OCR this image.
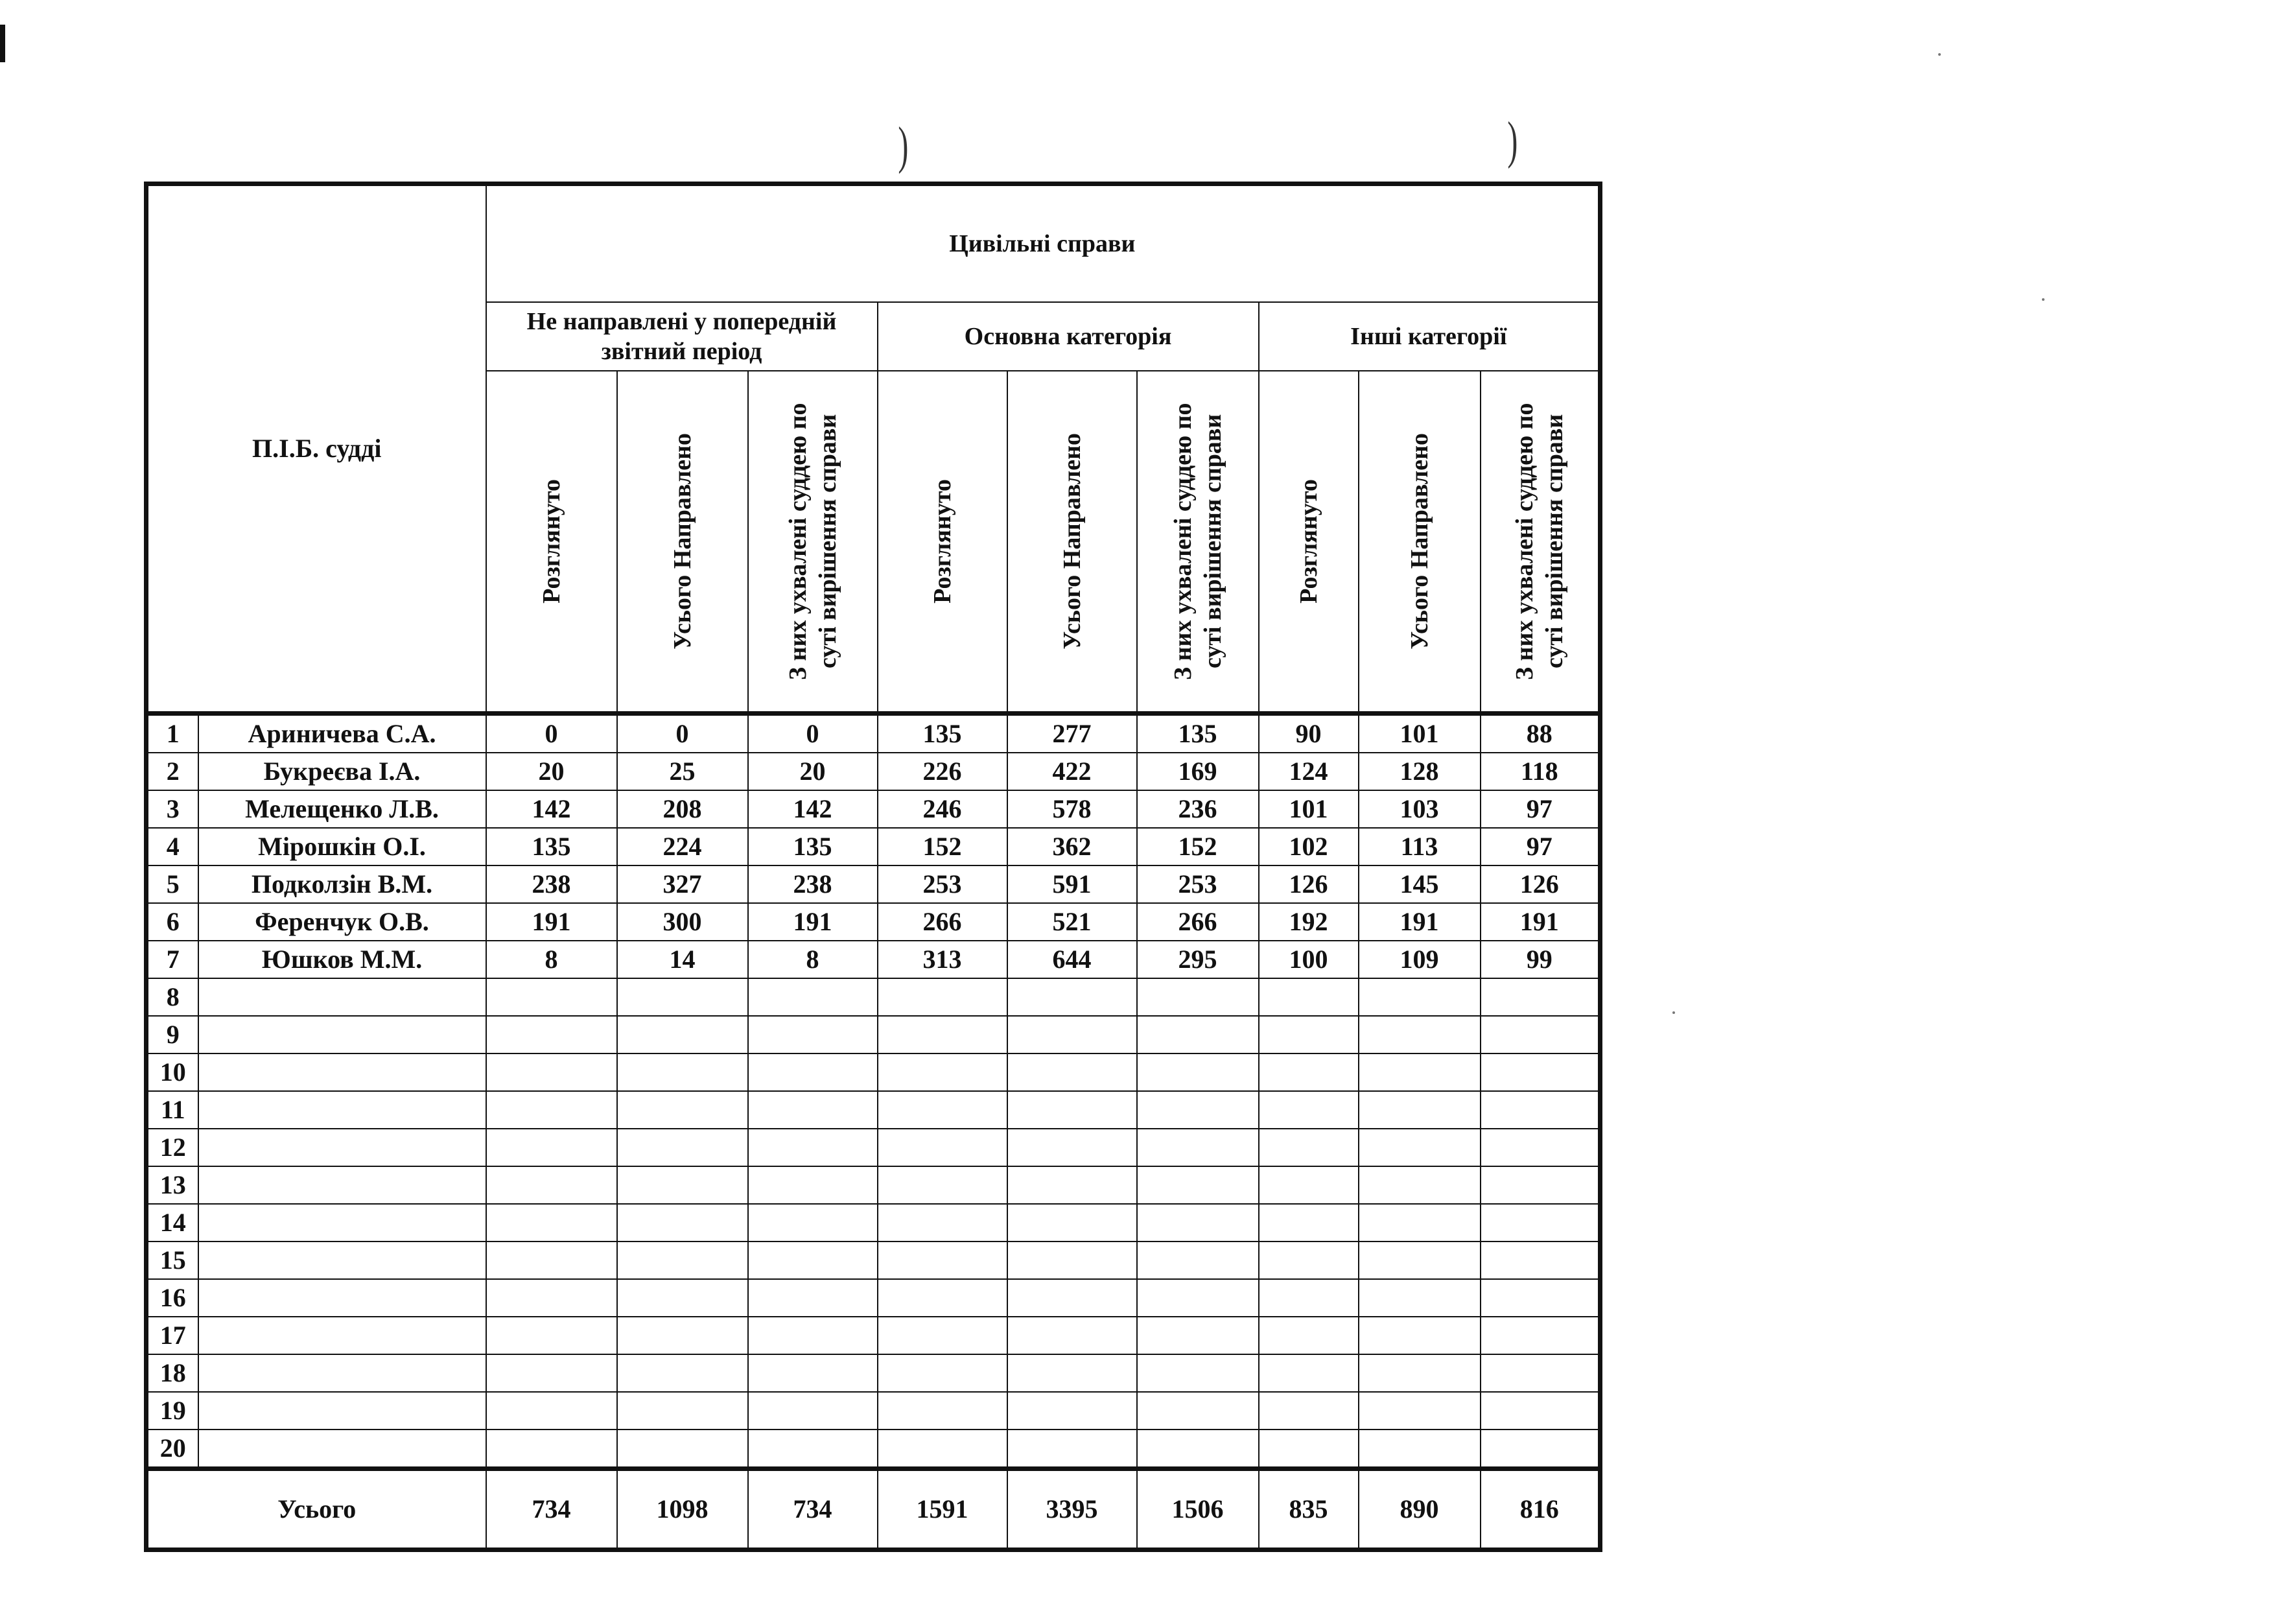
)	)
П.І.Б. судді		Цивільні справи								
		Не направлені у попередній звітний період			Основна категорія			Інші категорії		

		Розглянуто	Усього Направлено	З них ухвалені суддею по суті вирішення справи	Розглянуто	Усього Направлено	З них ухвалені суддею по суті вирішення справи	Розглянуто	Усього Направлено	З них ухвалені суддею по суті вирішення справи

1	Ариничева С.А.	0	0	0	135	277	135	90	101	88
2	Букреєва І.А.	20	25	20	226	422	169	124	128	118
3	Мелещенко Л.В.	142	208	142	246	578	236	101	103	97
4	Мірошкін О.І.	135	224	135	152	362	152	102	113	97
5	Подколзін В.М.	238	327	238	253	591	253	126	145	126
6	Ференчук О.В.	191	300	191	266	521	266	192	191	191
7	Юшков М.М.	8	14	8	313	644	295	100	109	99
8										
9										
10										
11										
12										
13										
14										
15										
16										
17										
18										
19										
20										
Усього		734	1098	734	1591	3395	1506	835	890	816
